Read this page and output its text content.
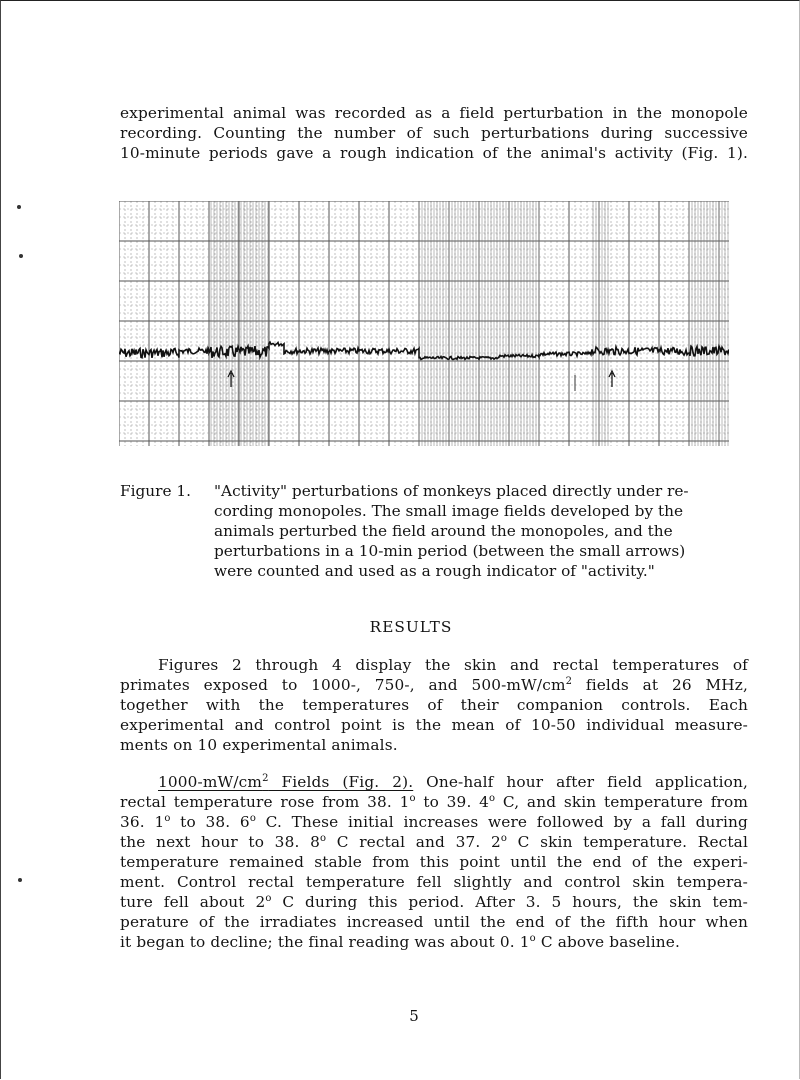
experimental animal was recorded as a field perturbation in the monopole
recording. Counting the number of such perturbations during successive
10-minute periods gave a rough indication of the animal's activity (Fig. 1).
Figure 1. "Activity" perturbations of monkeys placed directly under re-
cording monopoles. The small image fields developed by the
animals perturbed the field around the monopoles, and the
perturbations in a 10-min period (between the small arrows)
were counted and used as a rough indicator of "activity."
RESULTS
Figures 2 through 4 display the skin and rectal temperatures of
primates exposed to 1000-, 750-, and $500-mW/cm^2$ fields at 26 MHz,
together with the temperatures of their companion controls. Each
experimental and control point is the mean of 10-50 individual measure-
ments on 10 experimental animals.
$1000-mW/cm^2$ Fields (Fig. 2). One-half hour after field application,
rectal temperature rose from 38. 1$^o$ to 39. 4$^o$ C, and skin temperature from
36. 1$^o$ to 38. 6$^o$ C. These initial increases were followed by a fall during
the next hour to 38. 8$^o$ C rectal and 37. 2$^o$ C skin temperature. Rectal
temperature remained stable from this point until the end of the experi-
ment. Control rectal temperature fell slightly and control skin tempera-
ture fell about 2$^o$ C during this period. After 3. 5 hours, the skin tem-
perature of the irradiates increased until the end of the fifth hour when
it began to decline; the final reading was about 0. 1$^o$ C above baseline.
5
